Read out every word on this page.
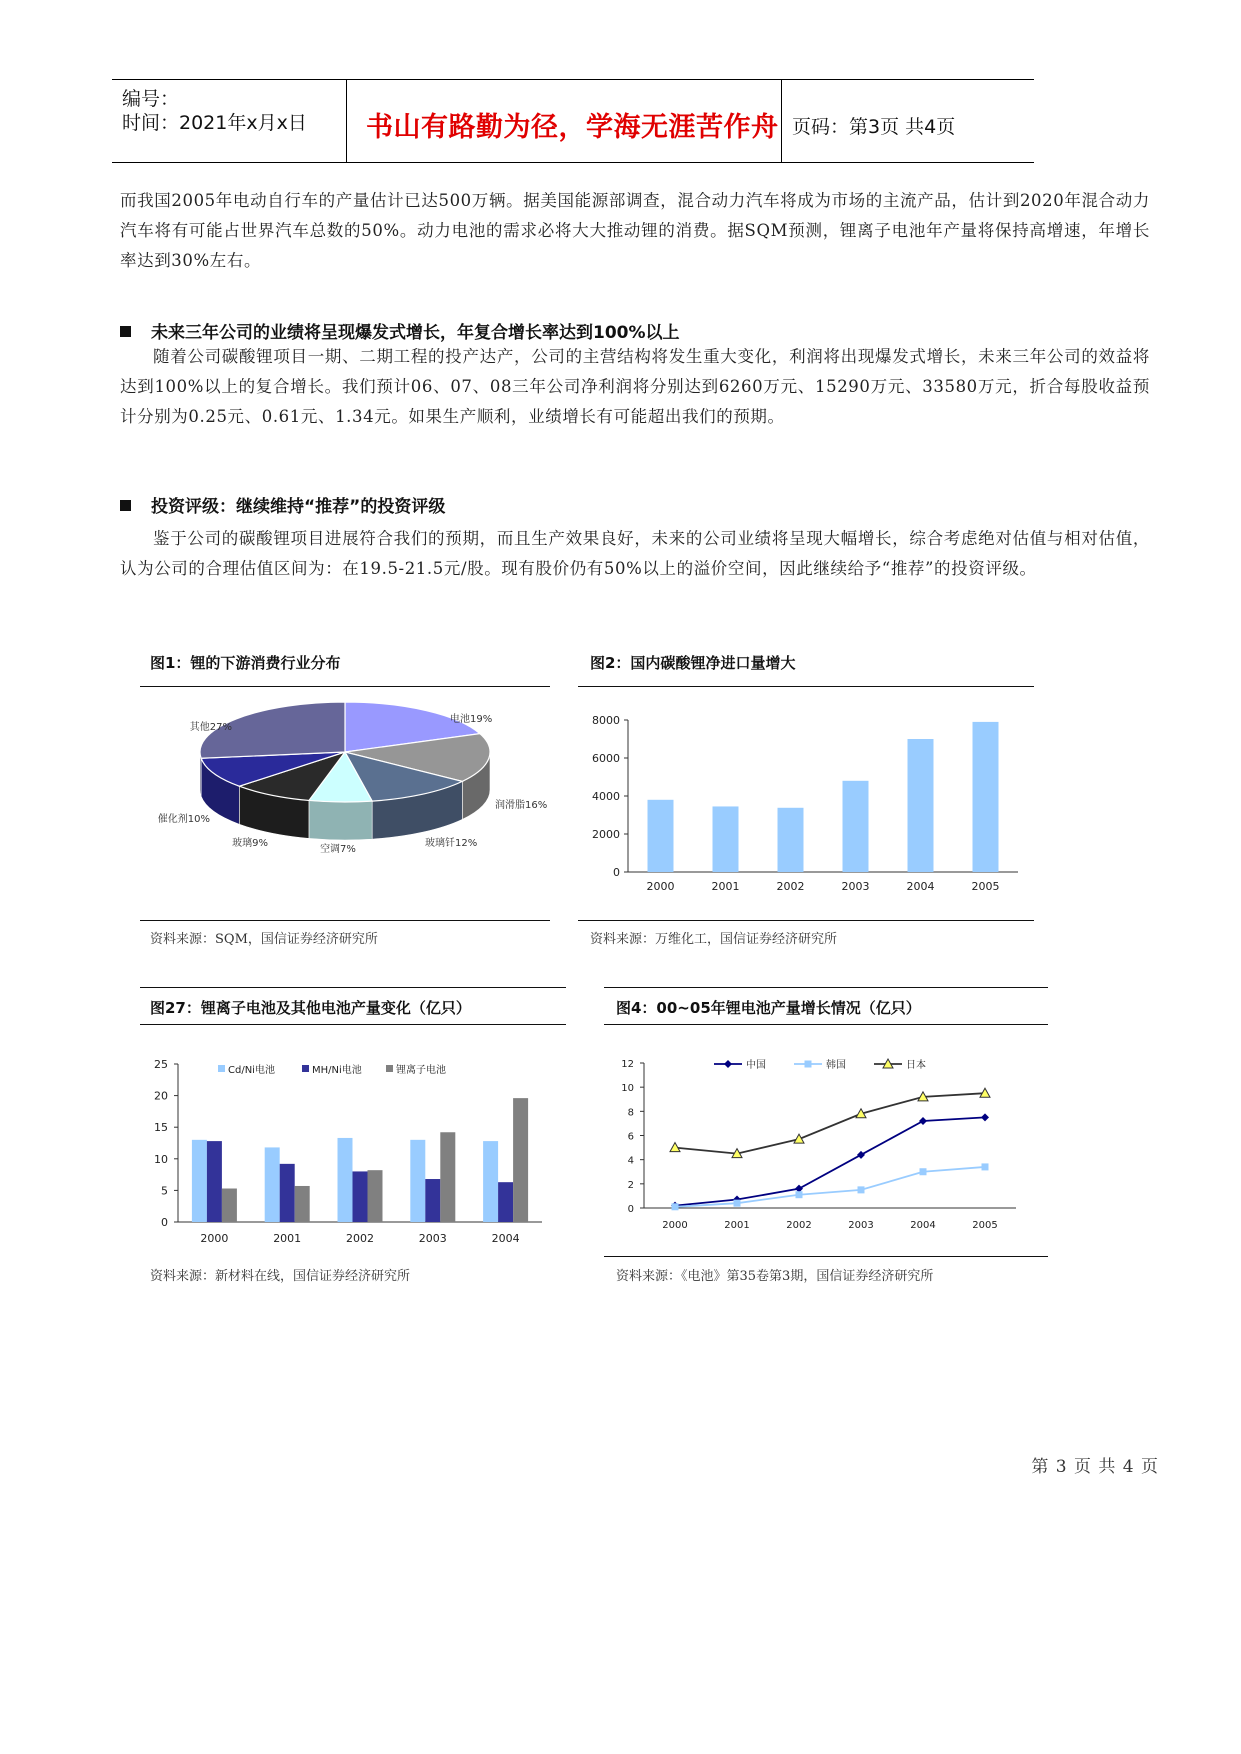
编号：
时间：2021年x月x日 书山有路勤为径，学海无涯苦作舟 页码：第3页 共4页
而我国2005年电动自行车的产量估计已达500万辆。据美国能源部调查，混合动力汽车将成为市场的主流产品，估计到2020年混合动力汽车将有可能占世界汽车总数的50%。动力电池的需求必将大大推动锂的消费。据SQM预测，锂离子电池年产量将保持高增速，年增长率达到30%左右。
未来三年公司的业绩将呈现爆发式增长，年复合增长率达到100%以上
随着公司碳酸锂项目一期、二期工程的投产达产，公司的主营结构将发生重大变化，利润将出现爆发式增长，未来三年公司的效益将达到100%以上的复合增长。我们预计06、07、08三年公司净利润将分别达到6260万元、15290万元、33580万元，折合每股收益预计分别为0.25元、0.61元、1.34元。如果生产顺利，业绩增长有可能超出我们的预期。
投资评级：继续维持“推荐”的投资评级
鉴于公司的碳酸锂项目进展符合我们的预期，而且生产效果良好，未来的公司业绩将呈现大幅增长，综合考虑绝对估值与相对估值，认为公司的合理估值区间为：在19.5-21.5元/股。现有股价仍有50%以上的溢价空间，因此继续给予“推荐”的投资评级。
图1：锂的下游消费行业分布
电池19%
润滑脂16%
玻璃钎12%
空调7%
玻璃9%
催化剂10%
其他27%
资料来源：SQM，国信证券经济研究所
图2：国内碳酸锂净进口量增大
0
2000
4000
6000
8000
2000	2001	2002	2003	2004	2005
资料来源：万维化工，国信证券经济研究所
图27：锂离子电池及其他电池产量变化（亿只）
0
5
10
15
20
25
2000	2001	2002	2003	2004
Cd/Ni电池	MH/Ni电池	锂离子电池
资料来源：新材料在线，国信证券经济研究所
图4：00~05年锂电池产量增长情况（亿只）
0
2
4
6
8
10
12
2000	2001	2002	2003	2004	2005
中国	韩国	日本
资料来源：《电池》第35卷第3期，国信证券经济研究所
第 3 页 共 4 页
